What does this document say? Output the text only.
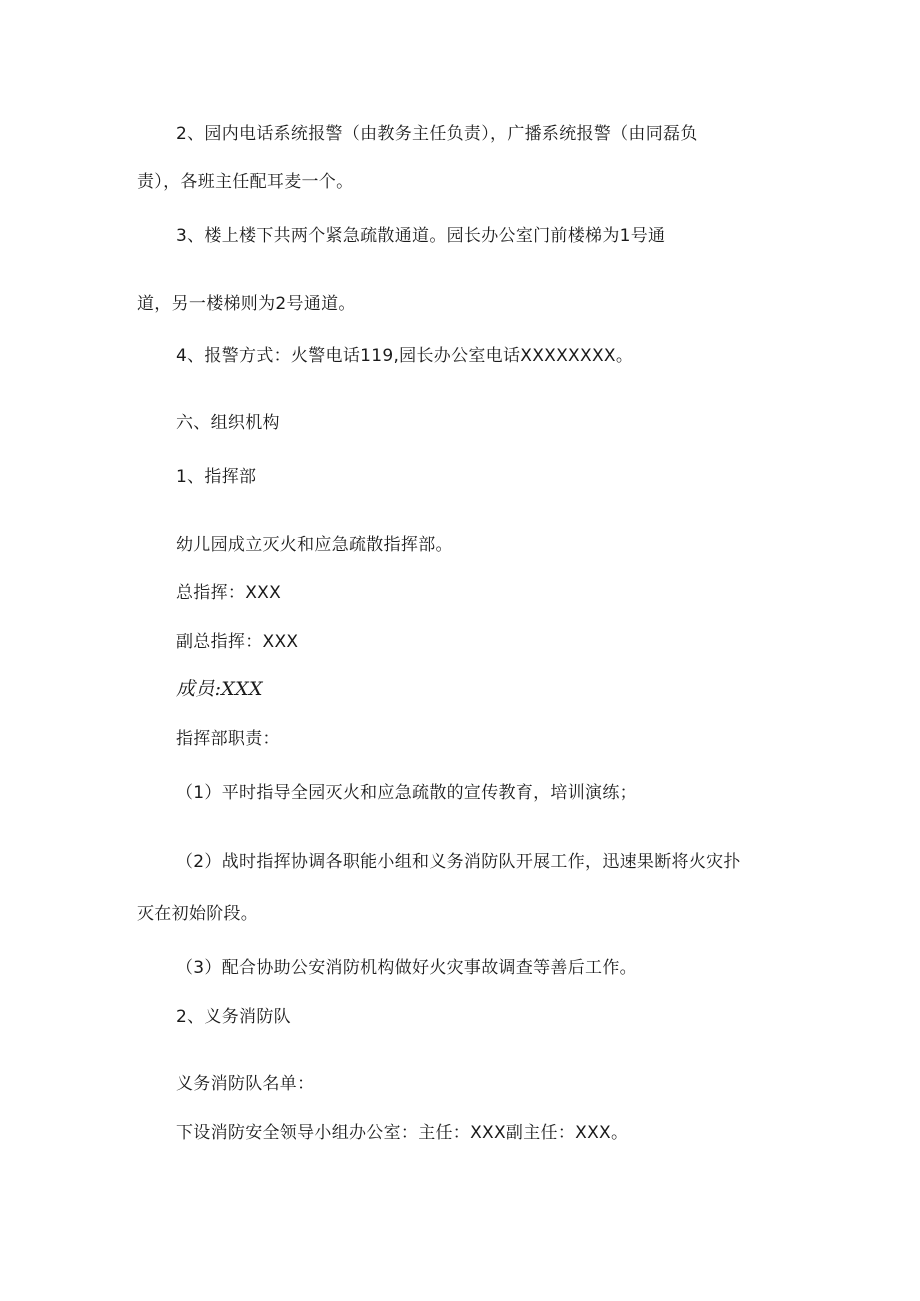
2、园内电话系统报警（由教务主任负责），广播系统报警（由同磊负
责），各班主任配耳麦一个。
3、楼上楼下共两个紧急疏散通道。园长办公室门前楼梯为1号通
道，另一楼梯则为2号通道。
4、报警方式：火警电话119,园长办公室电话XXXXXXXX。
六、组织机构
1、指挥部
幼儿园成立灭火和应急疏散指挥部。
总指挥：XXX
副总指挥：XXX
成员:XXX
指挥部职责：
（1）平时指导全园灭火和应急疏散的宣传教育，培训演练；
（2）战时指挥协调各职能小组和义务消防队开展工作，迅速果断将火灾扑
灭在初始阶段。
（3）配合协助公安消防机构做好火灾事故调查等善后工作。
2、义务消防队
义务消防队名单：
下设消防安全领导小组办公室：主任：XXX副主任：XXX。
